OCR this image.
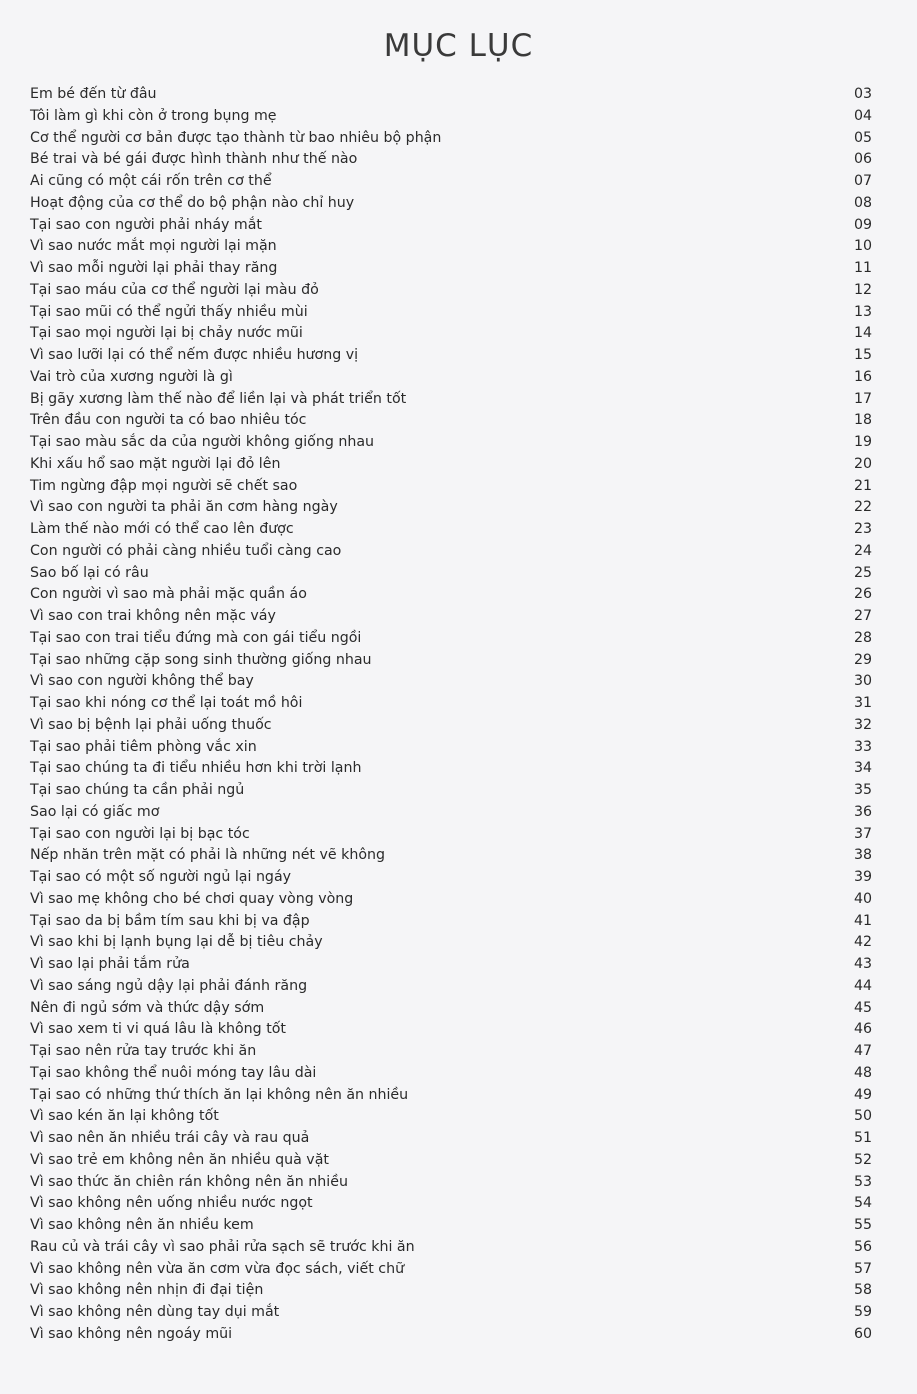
MỤC LỤC
Em bé đến từ đâu	03
Tôi làm gì khi còn ở trong bụng mẹ	04
Cơ thể người cơ bản được tạo thành từ bao nhiêu bộ phận	05
Bé trai và bé gái được hình thành như thế nào	06
Ai cũng có một cái rốn trên cơ thể	07
Hoạt động của cơ thể do bộ phận nào chỉ huy	08
Tại sao con người phải nháy mắt	09
Vì sao nước mắt mọi người lại mặn	10
Vì sao mỗi người lại phải thay răng	11
Tại sao máu của cơ thể người lại màu đỏ	12
Tại sao mũi có thể ngửi thấy nhiều mùi	13
Tại sao mọi người lại bị chảy nước mũi	14
Vì sao lưỡi lại có thể nếm được nhiều hương vị	15
Vai trò của xương người là gì	16
Bị gãy xương làm thế nào để liền lại và phát triển tốt	17
Trên đầu con người ta có bao nhiêu tóc	18
Tại sao màu sắc da của người không giống nhau	19
Khi xấu hổ sao mặt người lại đỏ lên	20
Tim ngừng đập mọi người sẽ chết sao	21
Vì sao con người ta phải ăn cơm hàng ngày	22
Làm thế nào mới có thể cao lên được	23
Con người có phải càng nhiều tuổi càng cao	24
Sao bố lại có râu	25
Con người vì sao mà phải mặc quần áo	26
Vì sao con trai không nên mặc váy	27
Tại sao con trai tiểu đứng mà con gái tiểu ngồi	28
Tại sao những cặp song sinh thường giống nhau	29
Vì sao con người không thể bay	30
Tại sao khi nóng cơ thể lại toát mồ hôi	31
Vì sao bị bệnh lại phải uống thuốc	32
Tại sao phải tiêm phòng vắc xin	33
Tại sao chúng ta đi tiểu nhiều hơn khi trời lạnh	34
Tại sao chúng ta cần phải ngủ	35
Sao lại có giấc mơ	36
Tại sao con người lại bị bạc tóc	37
Nếp nhăn trên mặt có phải là những nét vẽ không	38
Tại sao có một số người ngủ lại ngáy	39
Vì sao mẹ không cho bé chơi quay vòng vòng	40
Tại sao da bị bầm tím sau khi bị va đập	41
Vì sao khi bị lạnh bụng lại dễ bị tiêu chảy	42
Vì sao lại phải tắm rửa	43
Vì sao sáng ngủ dậy lại phải đánh răng	44
Nên đi ngủ sớm và thức dậy sớm	45
Vì sao xem ti vi quá lâu là không tốt	46
Tại sao nên rửa tay trước khi ăn	47
Tại sao không thể nuôi móng tay lâu dài	48
Tại sao có những thứ thích ăn lại không nên ăn nhiều	49
Vì sao kén ăn lại không tốt	50
Vì sao nên ăn nhiều trái cây và rau quả	51
Vì sao trẻ em không nên ăn nhiều quà vặt	52
Vì sao thức ăn chiên rán không nên ăn nhiều	53
Vì sao không nên uống nhiều nước ngọt	54
Vì sao không nên ăn nhiều kem	55
Rau củ và trái cây vì sao phải rửa sạch sẽ trước khi ăn	56
Vì sao không nên vừa ăn cơm vừa đọc sách, viết chữ	57
Vì sao không nên nhịn đi đại tiện	58
Vì sao không nên dùng tay dụi mắt	59
Vì sao không nên ngoáy mũi	60
